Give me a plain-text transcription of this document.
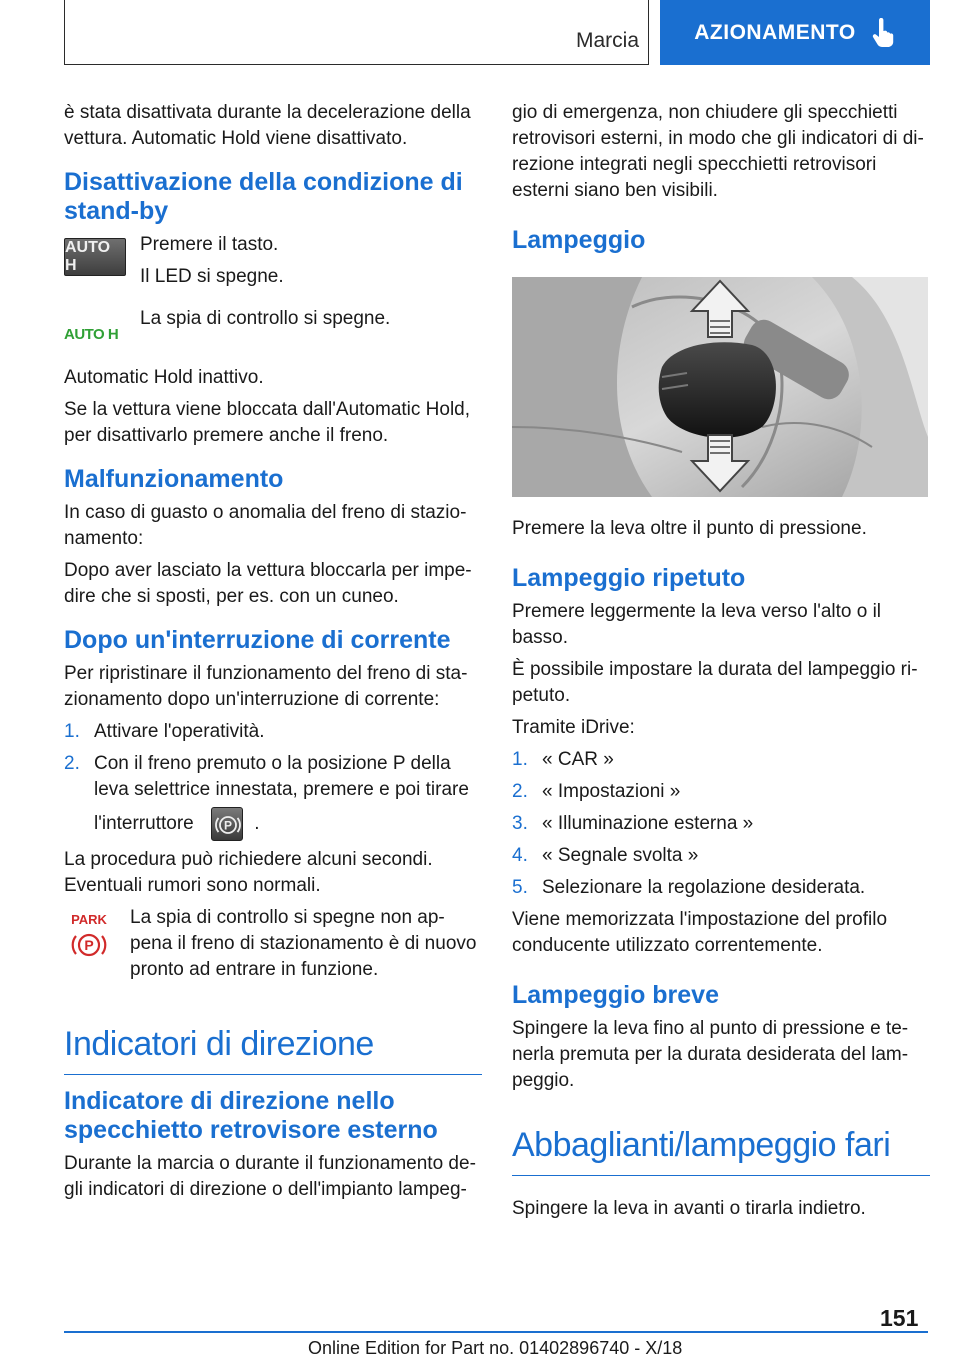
Marcia	AZIONAMENTO

è stata disattivata durante la decelerazione della vettura. Automatic Hold viene disattivato.

Disattivazione della condizione di stand-by
AUTO H

Premere il tasto.

Il LED si spegne.

AUTO H

La spia di controllo si spegne.

Automatic Hold inattivo.

Se la vettura viene bloccata dall'Automatic Hold, per disattivarlo premere anche il freno.

Malfunzionamento

In caso di guasto o anomalia del freno di stazio-namento:

Dopo aver lasciato la vettura bloccarla per impe-dire che si sposti, per es. con un cuneo.

Dopo un'interruzione di corrente

Per ripristinare il funzionamento del freno di sta-zionamento dopo un'interruzione di corrente:

1. Attivare l'operatività.
2. Con il freno premuto o la posizione P della leva selettrice innestata, premere e poi tirare
l'interruttore	P .

La procedura può richiedere alcuni secondi. Eventuali rumori sono normali.

PARK
P

La spia di controllo si spegne non ap-pena il freno di stazionamento è di nuovo pronto ad entrare in funzione.

Indicatori di direzione
Indicatore di direzione nello specchietto retrovisore esterno

Durante la marcia o durante il funzionamento de-gli indicatori di direzione o dell'impianto lampeg-

gio di emergenza, non chiudere gli specchietti retrovisori esterni, in modo che gli indicatori di di-rezione integrati negli specchietti retrovisori esterni siano ben visibili.

Lampeggio

Premere la leva oltre il punto di pressione.

Lampeggio ripetuto

Premere leggermente la leva verso l'alto o il basso.

È possibile impostare la durata del lampeggio ri-petuto.

Tramite iDrive:

1. « CAR »
2. « Impostazioni »
3. « Illuminazione esterna »
4. « Segnale svolta »
5. Selezionare la regolazione desiderata.

Viene memorizzata l'impostazione del profilo conducente utilizzato correntemente.

Lampeggio breve

Spingere la leva fino al punto di pressione e te-nerla premuta per la durata desiderata del lam-peggio.

Abbaglianti/lampeggio fari

Spingere la leva in avanti o tirarla indietro.

151
Online Edition for Part no. 01402896740 - X/18
